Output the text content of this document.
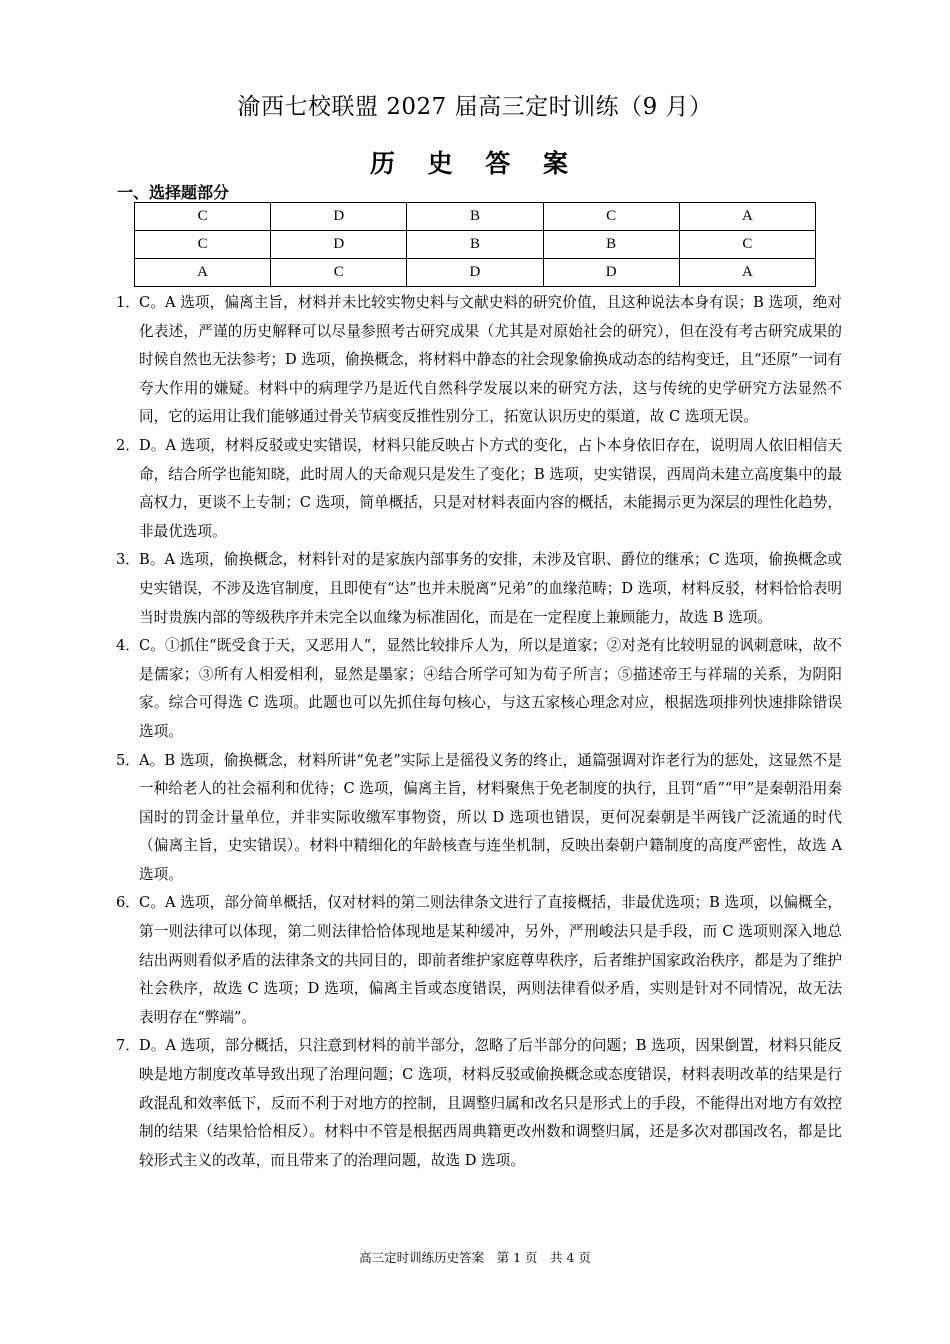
渝西七校联盟 2027 届高三定时训练（9 月）
历 史 答 案
一、选择题部分
C	D	B	C	A
C	D	B	B	C
A	C	D	D	A
1． C。A 选项，偏离主旨，材料并未比较实物史料与文献史料的研究价值，且这种说法本身有误；B 选项，绝对化表述，严谨的历史解释可以尽量参照考古研究成果（尤其是对原始社会的研究），但在没有考古研究成果的时候自然也无法参考；D 选项，偷换概念，将材料中静态的社会现象偷换成动态的结构变迁，且“还原”一词有夸大作用的嫌疑。材料中的病理学乃是近代自然科学发展以来的研究方法，这与传统的史学研究方法显然不同，它的运用让我们能够通过骨关节病变反推性别分工，拓宽认识历史的渠道，故 C 选项无误。
2． D。A 选项，材料反驳或史实错误，材料只能反映占卜方式的变化，占卜本身依旧存在，说明周人依旧相信天命，结合所学也能知晓，此时周人的天命观只是发生了变化；B 选项，史实错误，西周尚未建立高度集中的最高权力，更谈不上专制；C 选项，简单概括，只是对材料表面内容的概括，未能揭示更为深层的理性化趋势，非最优选项。
3． B。A 选项，偷换概念，材料针对的是家族内部事务的安排，未涉及官职、爵位的继承；C 选项，偷换概念或史实错误，不涉及选官制度，且即使有“达”也并未脱离“兄弟”的血缘范畴；D 选项，材料反驳，材料恰恰表明当时贵族内部的等级秩序并未完全以血缘为标准固化，而是在一定程度上兼顾能力，故选 B 选项。
4． C。①抓住“既受食于天，又恶用人”，显然比较排斥人为，所以是道家；②对尧有比较明显的讽刺意味，故不是儒家；③所有人相爱相利，显然是墨家；④结合所学可知为荀子所言；⑤描述帝王与祥瑞的关系，为阴阳家。综合可得选 C 选项。此题也可以先抓住每句核心，与这五家核心理念对应，根据选项排列快速排除错误选项。
5． A。B 选项，偷换概念，材料所讲“免老”实际上是徭役义务的终止，通篇强调对诈老行为的惩处，这显然不是一种给老人的社会福利和优待；C 选项，偏离主旨，材料聚焦于免老制度的执行，且罚“盾”“甲”是秦朝沿用秦国时的罚金计量单位，并非实际收缴军事物资，所以 D 选项也错误，更何况秦朝是半两钱广泛流通的时代（偏离主旨，史实错误）。材料中精细化的年龄核查与连坐机制，反映出秦朝户籍制度的高度严密性，故选 A 选项。
6． C。A 选项，部分简单概括，仅对材料的第二则法律条文进行了直接概括，非最优选项；B 选项，以偏概全，第一则法律可以体现，第二则法律恰恰体现地是某种缓冲，另外，严刑峻法只是手段，而 C 选项则深入地总结出两则看似矛盾的法律条文的共同目的，即前者维护家庭尊卑秩序，后者维护国家政治秩序，都是为了维护社会秩序，故选 C 选项；D 选项，偏离主旨或态度错误，两则法律看似矛盾，实则是针对不同情况，故无法表明存在“弊端”。
7． D。A 选项，部分概括，只注意到材料的前半部分，忽略了后半部分的问题；B 选项，因果倒置，材料只能反映是地方制度改革导致出现了治理问题；C 选项，材料反驳或偷换概念或态度错误，材料表明改革的结果是行政混乱和效率低下，反而不利于对地方的控制，且调整归属和改名只是形式上的手段，不能得出对地方有效控制的结果（结果恰恰相反）。材料中不管是根据西周典籍更改州数和调整归属，还是多次对郡国改名，都是比较形式主义的改革，而且带来了的治理问题，故选 D 选项。
高三定时训练历史答案　第 1 页　共 4 页
